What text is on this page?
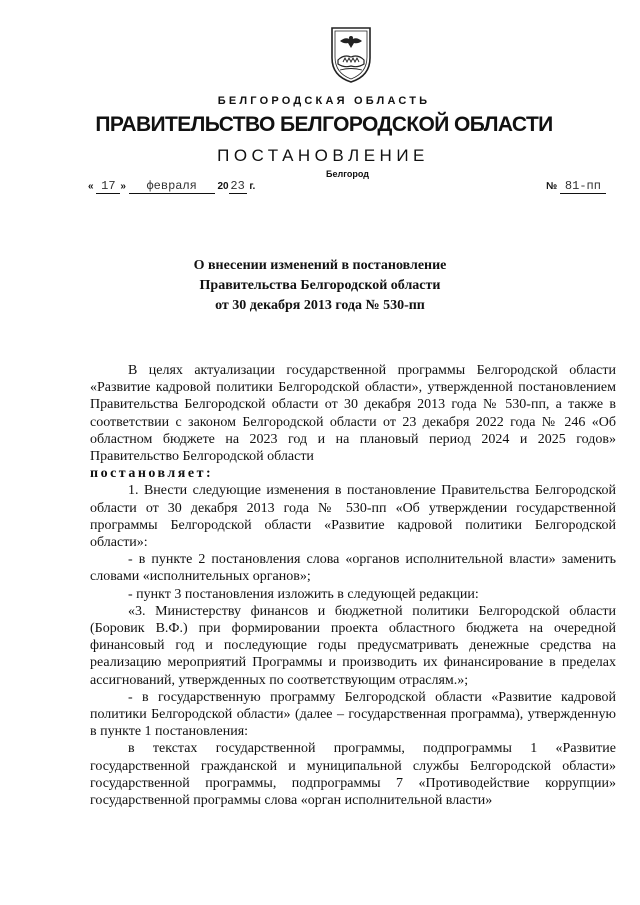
БЕЛГОРОДСКАЯ ОБЛАСТЬ
ПРАВИТЕЛЬСТВО БЕЛГОРОДСКОЙ ОБЛАСТИ
ПОСТАНОВЛЕНИЕ
Белгород
« 17 » февраля 20 23 г.	№ 81-пп
О внесении изменений в постановление
Правительства Белгородской области
от 30 декабря 2013 года № 530-пп

В целях актуализации государственной программы Белгородской области «Развитие кадровой политики Белгородской области», утвержденной постановлением Правительства Белгородской области от 30 декабря 2013 года № 530-пп, а также в соответствии с законом Белгородской области от 23 декабря 2022 года № 246 «Об областном бюджете на 2023 год и на плановый период 2024 и 2025 годов» Правительство Белгородской области

постановляет:

1. Внести следующие изменения в постановление Правительства Белгородской области от 30 декабря 2013 года № 530-пп «Об утверждении государственной программы Белгородской области «Развитие кадровой политики Белгородской области»:

- в пункте 2 постановления слова «органов исполнительной власти» заменить словами «исполнительных органов»;

- пункт 3 постановления изложить в следующей редакции:

«3. Министерству финансов и бюджетной политики Белгородской области (Боровик В.Ф.) при формировании проекта областного бюджета на очередной финансовый год и последующие годы предусматривать денежные средства на реализацию мероприятий Программы и производить их финансирование в пределах ассигнований, утвержденных по соответствующим отраслям.»;

- в государственную программу Белгородской области «Развитие кадровой политики Белгородской области» (далее – государственная программа), утвержденную в пункте 1 постановления:

в текстах государственной программы, подпрограммы 1 «Развитие государственной гражданской и муниципальной службы Белгородской области» государственной программы, подпрограммы 7 «Противодействие коррупции» государственной программы слова «орган исполнительной власти»
